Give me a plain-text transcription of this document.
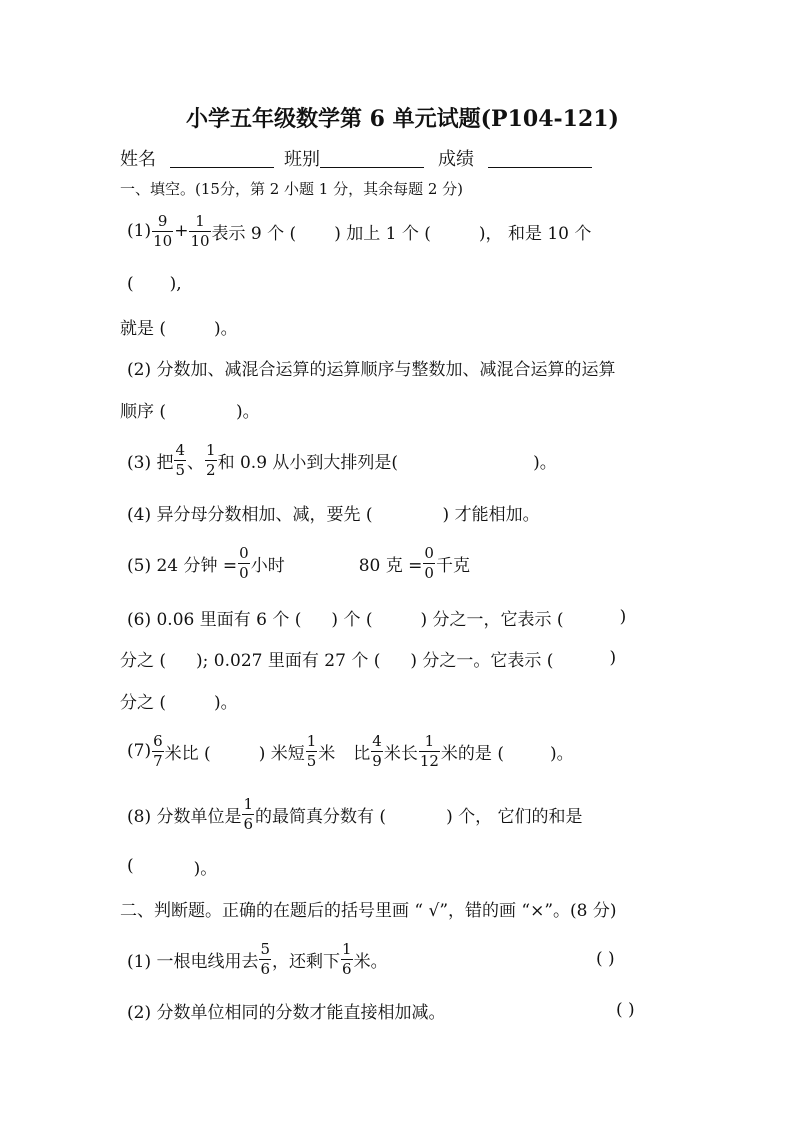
小学五年级数学第 6 单元试题(P104-121)
姓名	班别	成绩
一、填空。(15分，第 2 小题 1 分，其余每题 2 分)
$(1) \frac{9}{10} + \frac{1}{10}$ 表示 9 个 ( ) 加上 1 个 (	)， 和是 10 个
( ),
就是 (	)。
(2) 分数加、减混合运算的运算顺序与整数加、减混合运算的运算
顺序 (	)。
(3) 把 $\frac{4}{5}$ 、 $\frac{1}{2}$ 和 0.9 从小到大排列是(	)。
(4) 异分母分数相加、减，要先 (	) 才能相加。
(5) 24 分钟 = $\frac{0}{0}$ 小时	80 克 = $\frac{0}{0}$ 千克
(6) 0.06 里面有 6 个 ( ) 个 (	) 分之一，它表示 (	)
分之 ( ); 0.027 里面有 27 个 ( ) 分之一。它表示 (	)
分之 (	)。
$(7) \frac{6}{7}$ 米比 (	) 米短 $\frac{1}{5}$ 米 比 $\frac{4}{9}$ 米长 $\frac{1}{12}$ 米的是 (	)。
(8) 分数单位是 $\frac{1}{6}$ 的最简真分数有 (	) 个， 它们的和是
(	)。
二、判断题。正确的在题后的括号里画 “ √”，错的画 “×”。(8 分)
(1) 一根电线用去 $\frac{5}{6}$ ，还剩下 $\frac{1}{6}$ 米。	( )
(2) 分数单位相同的分数才能直接相加减。	( )
